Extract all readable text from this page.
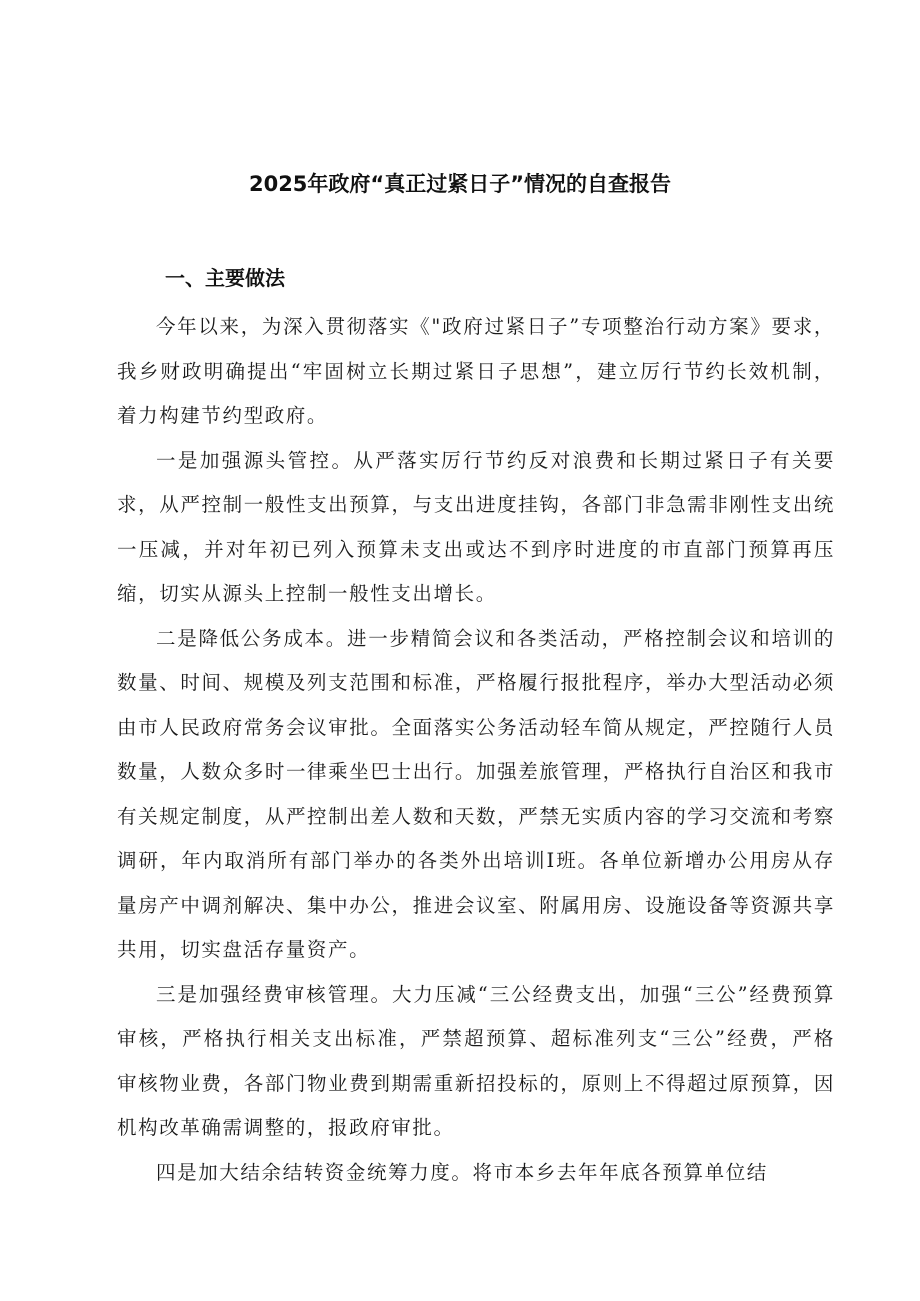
2025年政府“真正过紧日子”情况的自查报告
一、主要做法

今年以来，为深入贯彻落实《"政府过紧日子”专项整治行动方案》要求，我乡财政明确提出“牢固树立长期过紧日子思想”，建立厉行节约长效机制，着力构建节约型政府。

一是加强源头管控。从严落实厉行节约反对浪费和长期过紧日子有关要求，从严控制一般性支出预算，与支出进度挂钩，各部门非急需非刚性支出统一压减，并对年初已列入预算未支出或达不到序时进度的市直部门预算再压缩，切实从源头上控制一般性支出增长。

二是降低公务成本。进一步精简会议和各类活动，严格控制会议和培训的数量、时间、规模及列支范围和标准，严格履行报批程序，举办大型活动必须由市人民政府常务会议审批。全面落实公务活动轻车简从规定，严控随行人员数量，人数众多时一律乘坐巴士出行。加强差旅管理，严格执行自治区和我市有关规定制度，从严控制出差人数和天数，严禁无实质内容的学习交流和考察调研，年内取消所有部门举办的各类外出培训I班。各单位新增办公用房从存量房产中调剂解决、集中办公，推进会议室、附属用房、设施设备等资源共享共用，切实盘活存量资产。

三是加强经费审核管理。大力压减“三公经费支出，加强“三公”经费预算审核，严格执行相关支出标准，严禁超预算、超标准列支“三公”经费，严格审核物业费，各部门物业费到期需重新招投标的，原则上不得超过原预算，因机构改革确需调整的，报政府审批。

四是加大结余结转资金统筹力度。将市本乡去年年底各预算单位结
